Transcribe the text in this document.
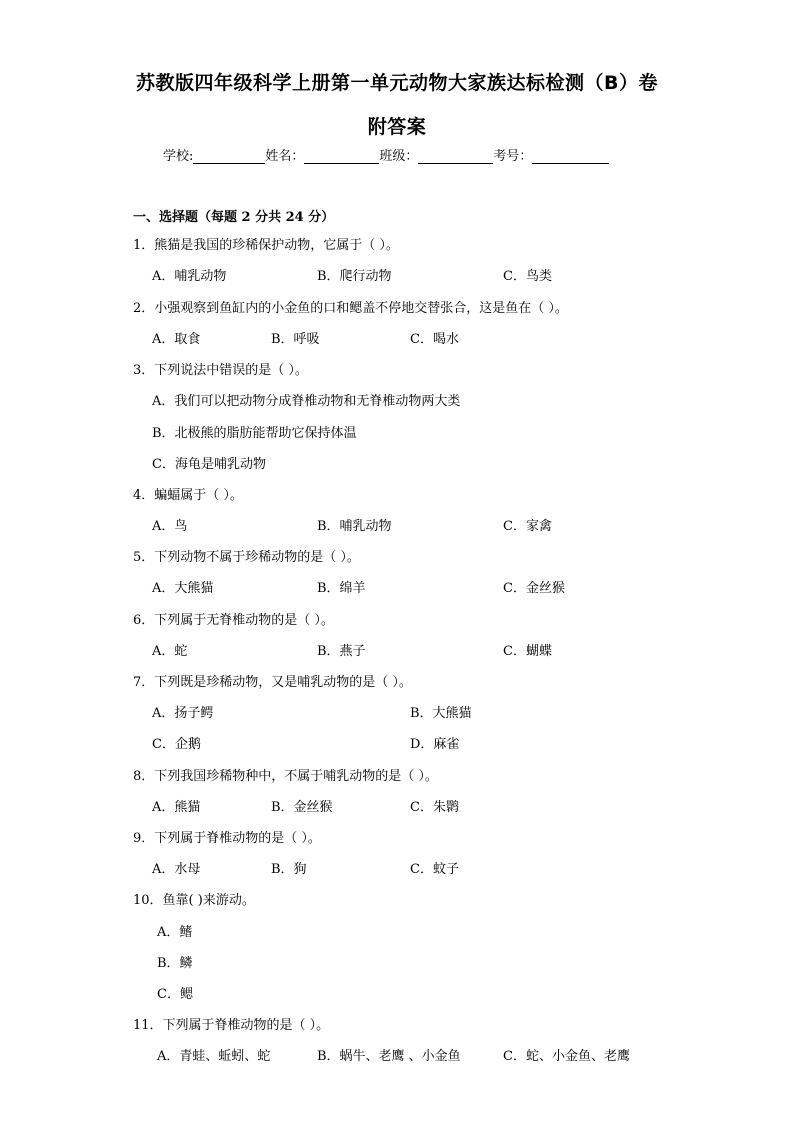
苏教版四年级科学上册第一单元动物大家族达标检测（B）卷
附答案
学校:	姓名：	班级：	考号：
一、选择题（每题 2 分共 24 分）
1．熊猫是我国的珍稀保护动物，它属于（ ）。
A．哺乳动物	B．爬行动物	C．鸟类
2．小强观察到鱼缸内的小金鱼的口和鳃盖不停地交替张合，这是鱼在（ ）。
A．取食	B．呼吸	C．喝水
3．下列说法中错误的是（ ）。
A．我们可以把动物分成脊椎动物和无脊椎动物两大类
B．北极熊的脂肪能帮助它保持体温
C．海龟是哺乳动物
4．蝙蝠属于（ ）。
A．鸟	B．哺乳动物	C．家禽
5．下列动物不属于珍稀动物的是（ ）。
A．大熊猫	B．绵羊	C．金丝猴
6．下列属于无脊椎动物的是（ ）。
A．蛇	B．燕子	C．蝴蝶
7．下列既是珍稀动物，又是哺乳动物的是（ ）。
A．扬子鳄	B．大熊猫
C．企鹅	D．麻雀
8．下列我国珍稀物种中，不属于哺乳动物的是（ ）。
A．熊猫	B．金丝猴	C．朱鹮
9．下列属于脊椎动物的是（ ）。
A．水母	B．狗	C．蚊子
10．鱼靠( )来游动。
A．鳍
B．鳞
C．鳃
11．下列属于脊椎动物的是（ ）。
A．青蛙、蚯蚓、蛇	B．蜗牛、老鹰 、小金鱼	C．蛇、小金鱼、老鹰
